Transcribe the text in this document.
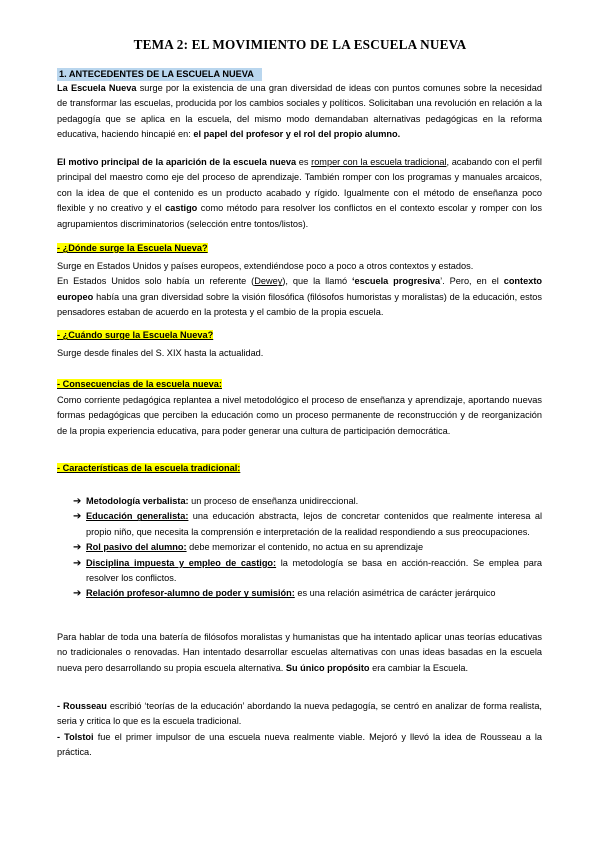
TEMA 2: EL MOVIMIENTO DE LA ESCUELA NUEVA
1. ANTECEDENTES DE LA ESCUELA NUEVA

La Escuela Nueva surge por la existencia de una gran diversidad de ideas con puntos comunes sobre la necesidad de transformar las escuelas, producida por los cambios sociales y políticos. Solicitaban una revolución en relación a la pedagogía que se aplica en la escuela, del mismo modo demandaban alternativas pedagógicas en la reforma educativa, haciendo hincapié en: el papel del profesor y el rol del propio alumno.

El motivo principal de la aparición de la escuela nueva es romper con la escuela tradicional, acabando con el perfil principal del maestro como eje del proceso de aprendizaje. También romper con los programas y manuales arcaicos, con la idea de que el contenido es un producto acabado y rígido. Igualmente con el método de enseñanza poco flexible y no creativo y el castigo como método para resolver los conflictos en el contexto escolar y romper con los agrupamientos discriminatorios (selección entre tontos/listos).

- ¿Dónde surge la Escuela Nueva?

Surge en Estados Unidos y países europeos, extendiéndose poco a poco a otros contextos y estados.

En Estados Unidos solo había un referente (Dewey), que la llamó ‘escuela progresiva’. Pero, en el contexto europeo había una gran diversidad sobre la visión filosófica (filósofos humoristas y moralistas) de la educación, estos pensadores estaban de acuerdo en la protesta y el cambio de la propia escuela.

- ¿Cuándo surge la Escuela Nueva?

Surge desde finales del S. XIX hasta la actualidad.

- Consecuencias de la escuela nueva:

Como corriente pedagógica replantea a nivel metodológico el proceso de enseñanza y aprendizaje, aportando nuevas formas pedagógicas que perciben la educación como un proceso permanente de reconstrucción y de reorganización de la propia experiencia educativa, para poder generar una cultura de participación democrática.

- Características de la escuela tradicional:
➔ Metodología verbalista: un proceso de enseñanza unidireccional.
➔ Educación generalista: una educación abstracta, lejos de concretar contenidos que realmente interesa al propio niño, que necesita la comprensión e interpretación de la realidad respondiendo a sus preocupaciones.
➔ Rol pasivo del alumno: debe memorizar el contenido, no actua en su aprendizaje
➔ Disciplina impuesta y empleo de castigo: la metodología se basa en acción-reacción. Se emplea para resolver los conflictos.
➔ Relación profesor-alumno de poder y sumisión: es una relación asimétrica de carácter jerárquico

Para hablar de toda una batería de filósofos moralistas y humanistas que ha intentado aplicar unas teorías educativas no tradicionales o renovadas. Han intentado desarrollar escuelas alternativas con unas ideas basadas en la escuela nueva pero desarrollando su propia escuela alternativa. Su único propósito era cambiar la Escuela.

- Rousseau escribió ‘teorías de la educación’ abordando la nueva pedagogía, se centró en analizar de forma realista, seria y critica lo que es la escuela tradicional.

- Tolstoi fue el primer impulsor de una escuela nueva realmente viable. Mejoró y llevó la idea de Rousseau a la práctica.
